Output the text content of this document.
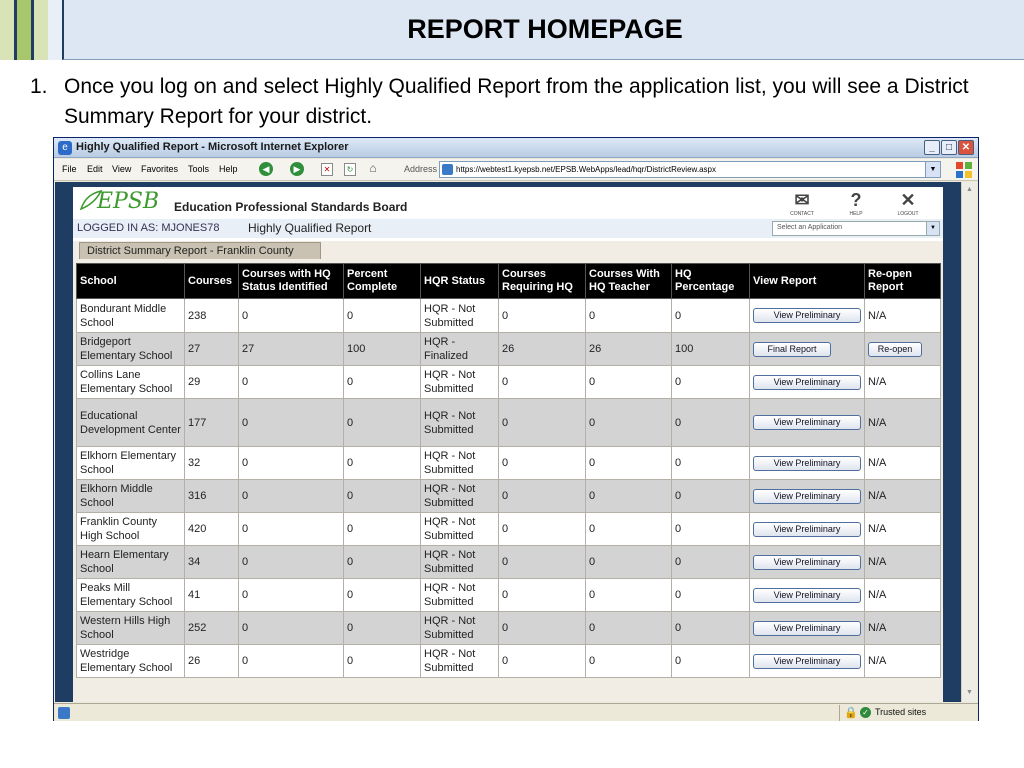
REPORT HOMEPAGE
1. Once you log on and select Highly Qualified Report from the application list, you will see a District Summary Report for your district.
e Highly Qualified Report - Microsoft Internet Explorer	_	□ ✕
File Edit View Favorites Tools Help	◀	▶	✕	↻ ⌂	Address https://webtest1.kyepsb.net/EPSB.WebApps/lead/hqr/DistrictReview.aspx	▼
EPSB Education Professional Standards Board	✉
CONTACT
?
HELP
✕
LOGOUT
LOGGED IN AS: MJONES78 Highly Qualified Report	Select an Application	▼
District Summary Report - Franklin County
School	Courses	Courses with HQ Status Identified	Percent Complete	HQR Status	Courses Requiring HQ	Courses With HQ Teacher	HQ Percentage	View Report	Re-open Report
Bondurant Middle School	238	0	0	HQR - Not Submitted	0	0	0	View Preliminary	N/A
Bridgeport Elementary School	27	27	100	HQR - Finalized	26	26	100	Final Report	Re-open
Collins Lane Elementary School	29	0	0	HQR - Not Submitted	0	0	0	View Preliminary	N/A
Educational Development Center	177	0	0	HQR - Not Submitted	0	0	0	View Preliminary	N/A
Elkhorn Elementary School	32	0	0	HQR - Not Submitted	0	0	0	View Preliminary	N/A
Elkhorn Middle School	316	0	0	HQR - Not Submitted	0	0	0	View Preliminary	N/A
Franklin County High School	420	0	0	HQR - Not Submitted	0	0	0	View Preliminary	N/A
Hearn Elementary School	34	0	0	HQR - Not Submitted	0	0	0	View Preliminary	N/A
Peaks Mill Elementary School	41	0	0	HQR - Not Submitted	0	0	0	View Preliminary	N/A
Western Hills High School	252	0	0	HQR - Not Submitted	0	0	0	View Preliminary	N/A
Westridge Elementary School	26	0	0	HQR - Not Submitted	0	0	0	View Preliminary	N/A
▲
▼
🔒 ✓ Trusted sites
